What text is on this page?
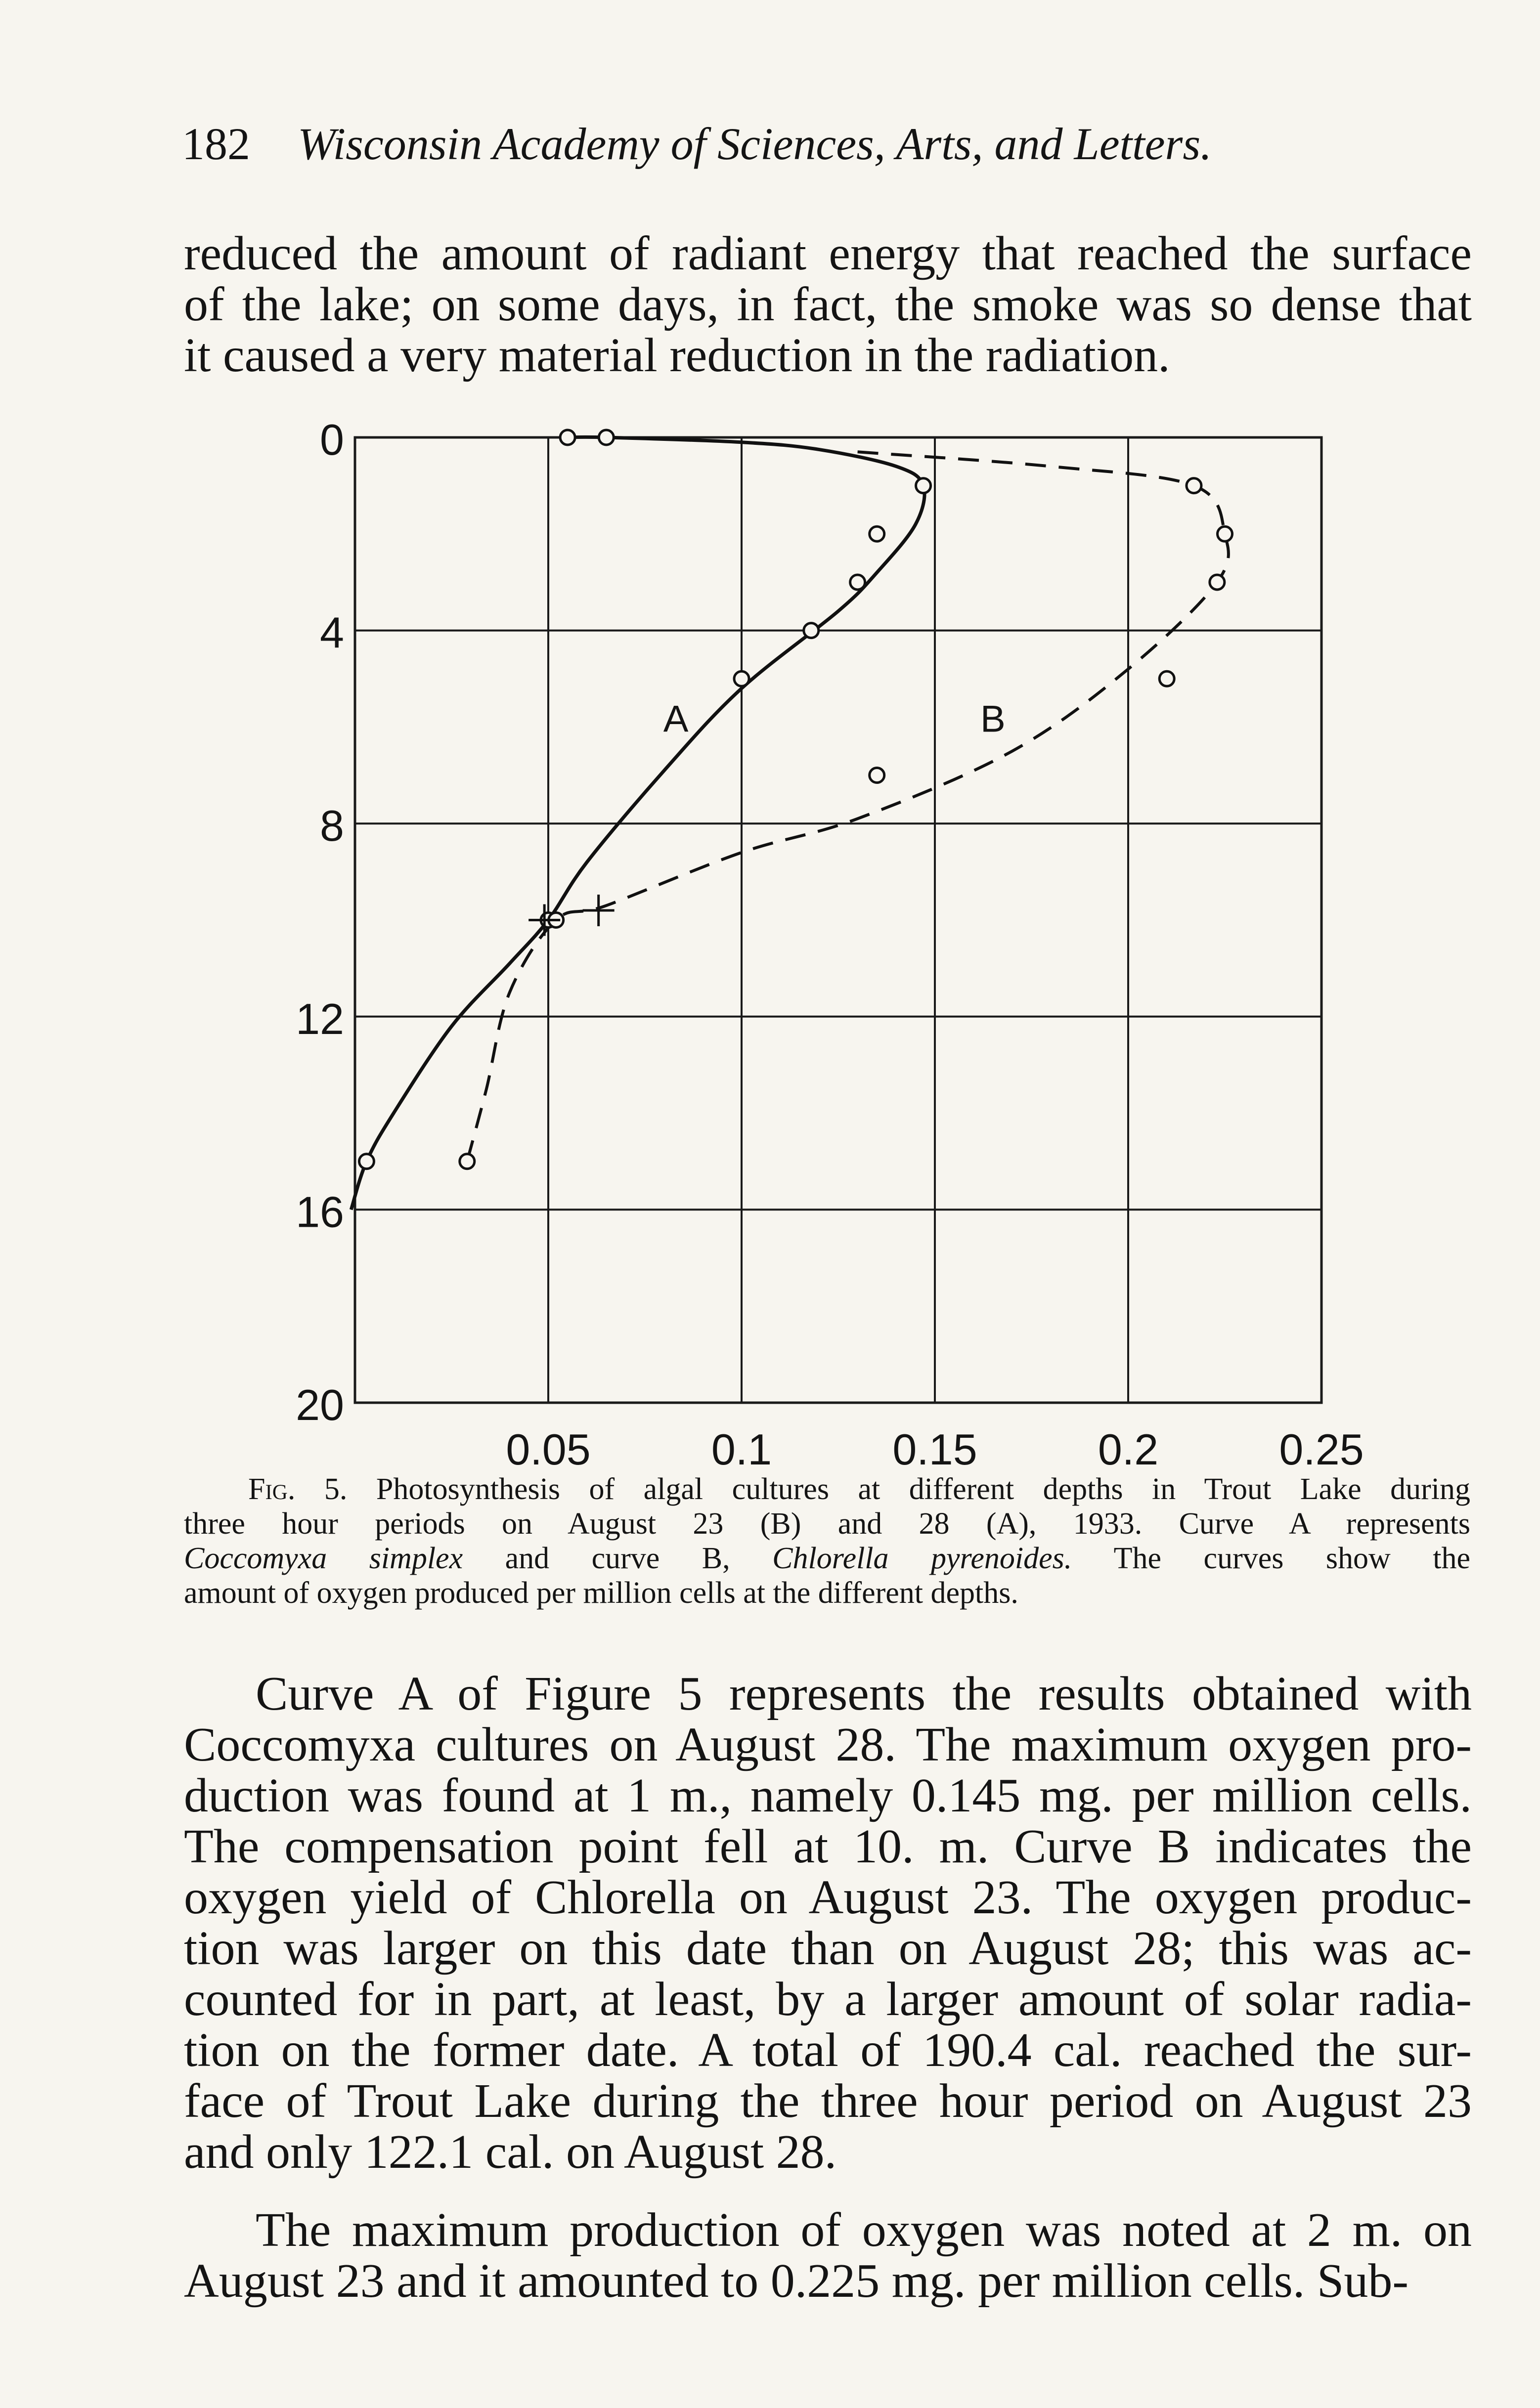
182 Wisconsin Academy of Sciences, Arts, and Letters.
reduced the amount of radiant energy that reached the surface
of the lake; on some days, in fact, the smoke was so dense that
it caused a very material reduction in the radiation.
0.05	0.1	0.15	0.2	0.25
0
4
8
12
16
20
A	B
Fig. 5. Photosynthesis of algal cultures at different depths in Trout Lake during
three hour periods on August 23 (B) and 28 (A), 1933. Curve A represents
Coccomyxa simplex and curve B, Chlorella pyrenoides. The curves show the
amount of oxygen produced per million cells at the different depths.
Curve A of Figure 5 represents the results obtained with
Coccomyxa cultures on August 28. The maximum oxygen pro-
duction was found at 1 m., namely 0.145 mg. per million cells.
The compensation point fell at 10. m. Curve B indicates the
oxygen yield of Chlorella on August 23. The oxygen produc-
tion was larger on this date than on August 28; this was ac-
counted for in part, at least, by a larger amount of solar radia-
tion on the former date. A total of 190.4 cal. reached the sur-
face of Trout Lake during the three hour period on August 23
and only 122.1 cal. on August 28.
The maximum production of oxygen was noted at 2 m. on
August 23 and it amounted to 0.225 mg. per million cells. Sub-
